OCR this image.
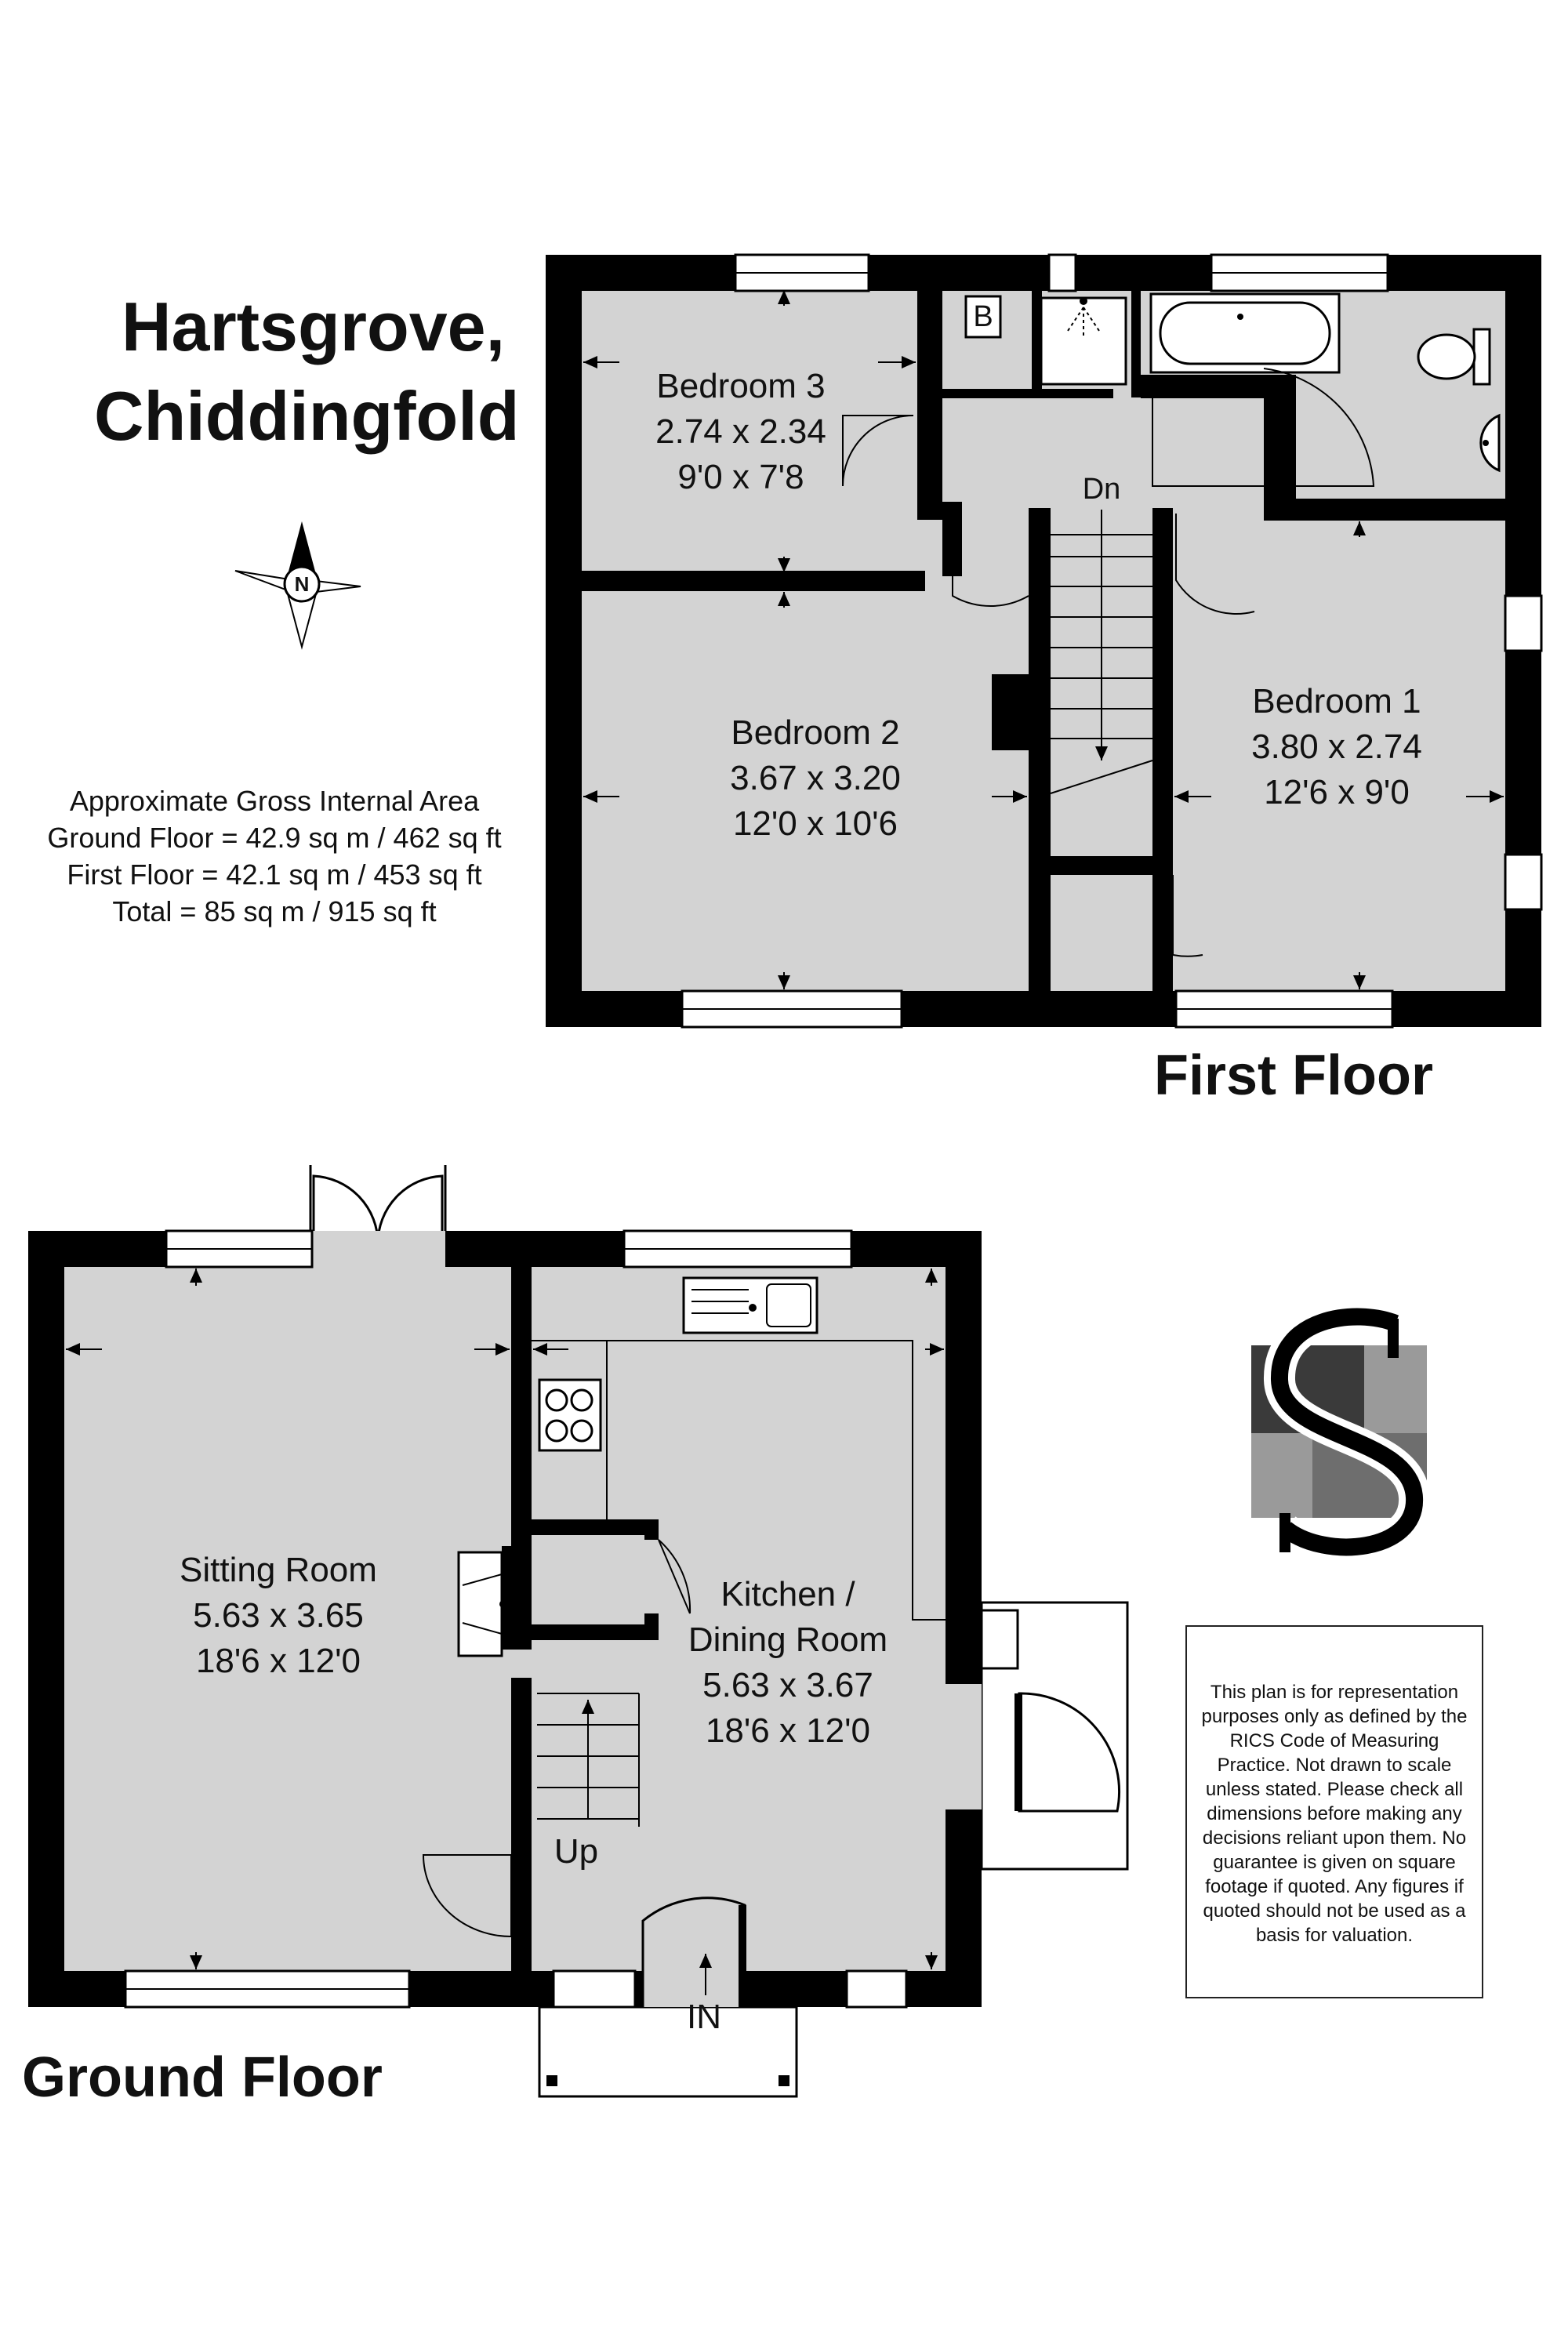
Hartsgrove,
Chiddingfold
N
Approximate Gross Internal Area
Ground Floor = 42.9 sq m / 462 sq ft
First Floor = 42.1 sq m / 453 sq ft
Total = 85 sq m / 915 sq ft
Bedroom 3
2.74 x 2.34
9'0 x 7'8
Bedroom 2
3.67 x 3.20
12'0 x 10'6
Bedroom 1
3.80 x 2.74
12'6 x 9'0
Dn
B
First Floor
Sitting Room
5.63 x 3.65
18'6 x 12'0
Kitchen /
Dining Room
5.63 x 3.67
18'6 x 12'0
Up
IN
Ground Floor
This plan is for representation purposes only as defined by the RICS Code of Measuring Practice. Not drawn to scale unless stated. Please check all dimensions before making any decisions reliant upon them. No guarantee is given on square footage if quoted. Any figures if quoted should not be used as a basis for valuation.
